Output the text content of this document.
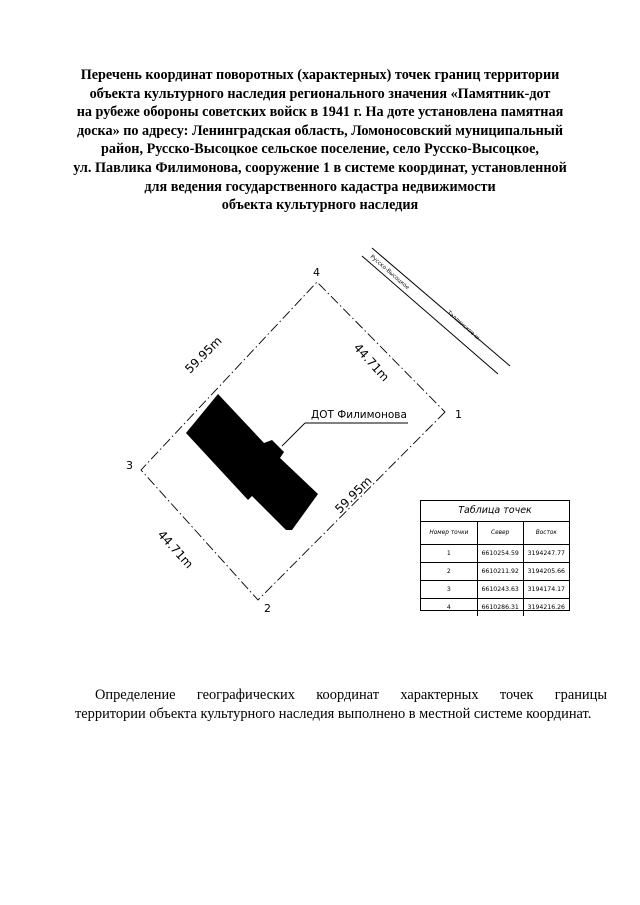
Перечень координат поворотных (характерных) точек границ территории
объекта культурного наследия регионального значения «Памятник-дот
на рубеже обороны советских войск в 1941 г. На доте установлена памятная
доска» по адресу: Ленинградская область, Ломоносовский муниципальный
район, Русско-Высоцкое сельское поселение, село Русско-Высоцкое,
ул. Павлика Филимонова, сооружение 1 в системе координат, установленной
для ведения государственного кадастра недвижимости
объекта культурного наследия
Русско-Высоцкое
Таллинское ш.
1
2
3
4
59.95m	44.71m
59.95m
44.71m
ДОТ Филимонова
Таблица точек
Номер точки	Север	Восток
1	6610254.59	3194247.77
2	6610211.92	3194205.66
3	6610243.63	3194174.17
4	6610286.31	3194216.26
Определение географических координат характерных точек границы
территории объекта культурного наследия выполнено в местной системе координат.
